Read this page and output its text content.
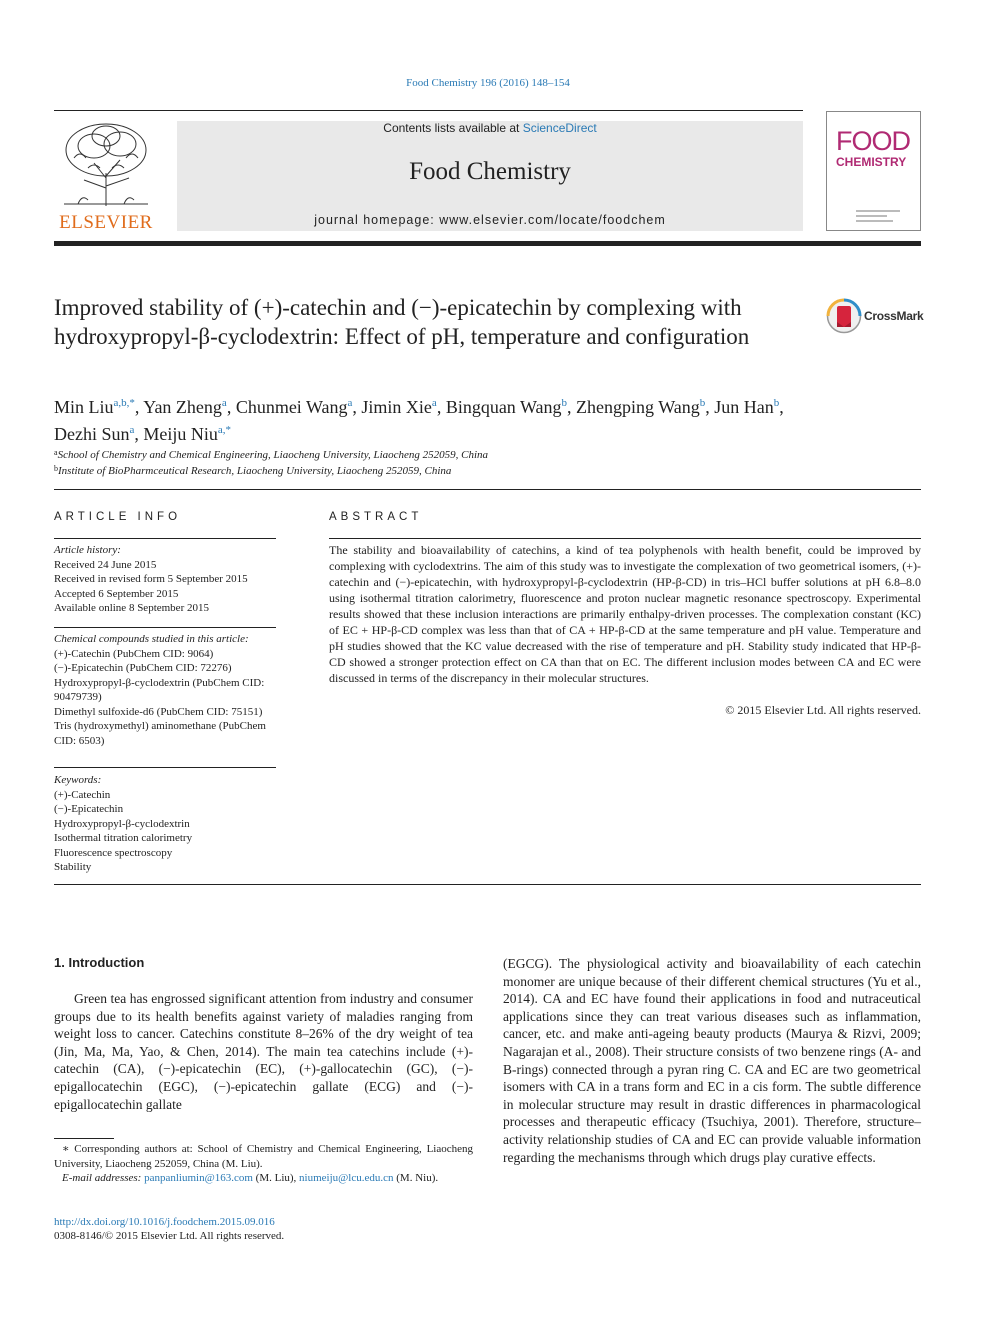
Food Chemistry 196 (2016) 148–154
ELSEVIER
Contents lists available at ScienceDirect
Food Chemistry
journal homepage: www.elsevier.com/locate/foodchem
FOOD
CHEMISTRY
Improved stability of (+)-catechin and (−)-epicatechin by complexing with hydroxypropyl-β-cyclodextrin: Effect of pH, temperature and configuration
CrossMark
Min Liu$^{a,b,*}$, Yan Zheng$^a$, Chunmei Wang$^a$, Jimin Xie$^a$, Bingquan Wang$^b$, Zhengping Wang$^b$, Jun Han$^b$,
Dezhi Sun$^a$, Meiju Niu$^{a,*}$
$^a$School of Chemistry and Chemical Engineering, Liaocheng University, Liaocheng 252059, China
$^b$Institute of BioPharmceutical Research, Liaocheng University, Liaocheng 252059, China
ARTICLE INFO
Article history:
Received 24 June 2015
Received in revised form 5 September 2015
Accepted 6 September 2015
Available online 8 September 2015
Chemical compounds studied in this article:
(+)-Catechin (PubChem CID: 9064)
(−)-Epicatechin (PubChem CID: 72276)
Hydroxypropyl-β-cyclodextrin (PubChem CID: 90479739)
Dimethyl sulfoxide-d6 (PubChem CID: 75151)
Tris (hydroxymethyl) aminomethane (PubChem CID: 6503)
Keywords:
(+)-Catechin
(−)-Epicatechin
Hydroxypropyl-β-cyclodextrin
Isothermal titration calorimetry
Fluorescence spectroscopy
Stability
ABSTRACT
The stability and bioavailability of catechins, a kind of tea polyphenols with health benefit, could be improved by complexing with cyclodextrins. The aim of this study was to investigate the complexation of two geometrical isomers, (+)-catechin and (−)-epicatechin, with hydroxypropyl-β-cyclodextrin (HP-β-CD) in tris–HCl buffer solutions at pH 6.8–8.0 using isothermal titration calorimetry, fluorescence and proton nuclear magnetic resonance spectroscopy. Experimental results showed that these inclusion interactions are primarily enthalpy-driven processes. The complexation constant (KC) of EC + HP-β-CD complex was less than that of CA + HP-β-CD at the same temperature and pH value. Temperature and pH studies showed that the KC value decreased with the rise of temperature and pH. Stability study indicated that HP-β-CD showed a stronger protection effect on CA than that on EC. The different inclusion modes between CA and EC were discussed in terms of the discrepancy in their molecular structures.
© 2015 Elsevier Ltd. All rights reserved.
1. Introduction
Green tea has engrossed significant attention from industry and consumer groups due to its health benefits against variety of maladies ranging from weight loss to cancer. Catechins constitute 8–26% of the dry weight of tea (Jin, Ma, Ma, Yao, & Chen, 2014). The main tea catechins include (+)-catechin (CA), (−)-epicatechin (EC), (+)-gallocatechin (GC), (−)-epigallocatechin (EGC), (−)-epicatechin gallate (ECG) and (−)-epigallocatechin gallate
(EGCG). The physiological activity and bioavailability of each catechin monomer are unique because of their different chemical structures (Yu et al., 2014). CA and EC have found their applications in food and nutraceutical applications since they can treat various diseases such as inflammation, cancer, etc. and make anti-ageing beauty products (Maurya & Rizvi, 2009; Nagarajan et al., 2008). Their structure consists of two benzene rings (A- and B-rings) connected through a pyran ring C. CA and EC are two geometrical isomers with CA in a trans form and EC in a cis form. The subtle difference in molecular structure may result in drastic differences in pharmacological processes and therapeutic efficacy (Tsuchiya, 2001). Therefore, structure–activity relationship studies of CA and EC can provide valuable information regarding the mechanisms through which drugs play curative effects.
∗ Corresponding authors at: School of Chemistry and Chemical Engineering, Liaocheng University, Liaocheng 252059, China (M. Liu).
E-mail addresses: panpanliumin@163.com (M. Liu), niumeiju@lcu.edu.cn (M. Niu).
http://dx.doi.org/10.1016/j.foodchem.2015.09.016
0308-8146/© 2015 Elsevier Ltd. All rights reserved.
